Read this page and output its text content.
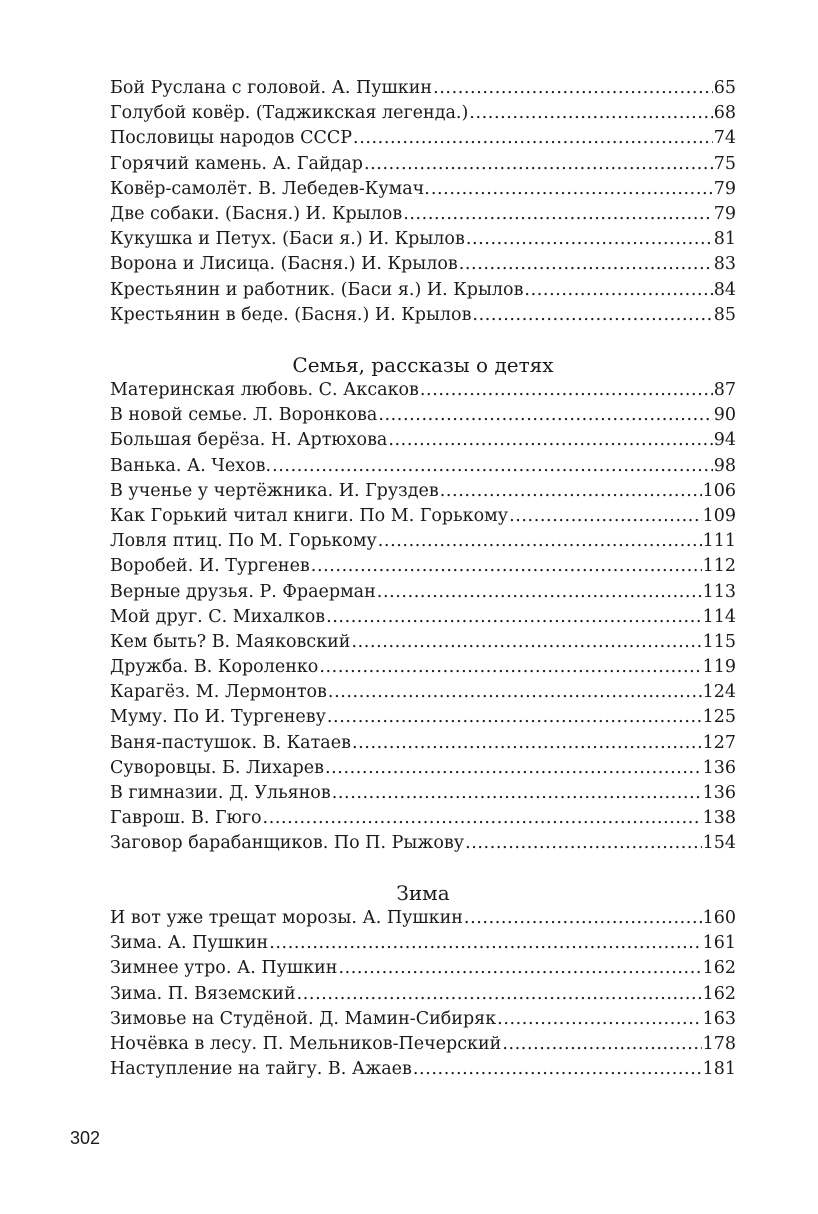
Бой Руслана с головой. А. Пушкин .....	65
Голубой ковёр. (Таджикская легенда.) .....	68
Пословицы народов СССР .....	74
Горячий камень. А. Гайдар .....	75
Ковёр-самолёт. В. Лебедев-Кумач. .....	79
Две собаки. (Басня.) И. Крылов .....	79
Кукушка и Петух. (Баси я.) И. Крылов .....	81
Ворона и Лисица. (Басня.) И. Крылов .....	83
Крестьянин и работник. (Баси я.) И. Крылов .....	84
Крестьянин в беде. (Басня.) И. Крылов .....	85
Семья, рассказы о детях
Материнская любовь. С. Аксаков .....	87
В новой семье. Л. Воронкова .....	90
Большая берёза. Н. Артюхова .....	94
Ванька. А. Чехов. .....	98
В ученье у чертёжника. И. Груздев .....	106
Как Горький читал книги. По М. Горькому .....	109
Ловля птиц. По М. Горькому .....	111
Воробей. И. Тургенев .....	112
Верные друзья. Р. Фраерман .....	113
Мой друг. С. Михалков .....	114
Кем быть? В. Маяковский .....	115
Дружба. В. Короленко .....	119
Карагёз. М. Лермонтов .....	124
Муму. По И. Тургеневу .....	125
Ваня-пастушок. В. Катаев .....	127
Суворовцы. Б. Лихарев .....	136
В гимназии. Д. Ульянов .....	136
Гаврош. В. Гюго .....	138
Заговор барабанщиков. По П. Рыжову .....	154
Зима
И вот уже трещат морозы. А. Пушкин .....	160
Зима. А. Пушкин .....	161
Зимнее утро. А. Пушкин .....	162
Зима. П. Вяземский .....	162
Зимовье на Студёной. Д. Мамин-Сибиряк .....	163
Ночёвка в лесу. П. Мельников-Печерский .....	178
Наступление на тайгу. В. Ажаев .....	181
302
